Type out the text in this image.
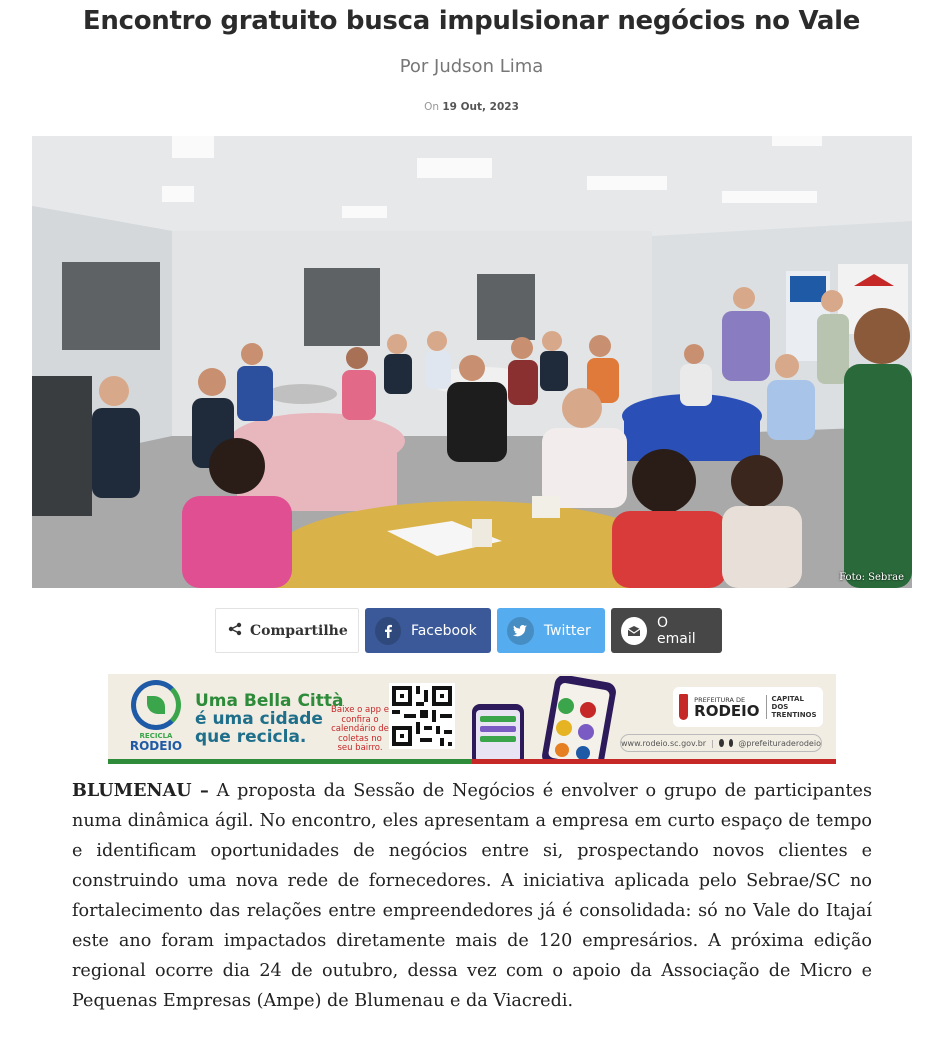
Encontro gratuito busca impulsionar negócios no Vale
Por Judson Lima
On 19 Out, 2023
Foto: Sebrae
Compartilhe	Facebook	Twitter	O email
RECICLA
RODEIO
Uma Bella Città
é uma cidade
que recicla.
Baixe o app e confira o calendário de coletas no seu bairro.
PREFEITURA DE
RODEIO
CAPITAL DOS TRENTINOS
www.rodeio.sc.gov.br |	@prefeituraderodeio

BLUMENAU – A proposta da Sessão de Negócios é envolver o grupo de participantes numa dinâmica ágil. No encontro, eles apresentam a empresa em curto espaço de tempo e identificam oportunidades de negócios entre si, prospectando novos clientes e construindo uma nova rede de fornecedores. A iniciativa aplicada pelo Sebrae/SC no fortalecimento das relações entre empreendedores já é consolidada: só no Vale do Itajaí este ano foram impactados diretamente mais de 120 empresários. A próxima edição regional ocorre dia 24 de outubro, dessa vez com o apoio da Associação de Micro e Pequenas Empresas (Ampe) de Blumenau e da Viacredi.
